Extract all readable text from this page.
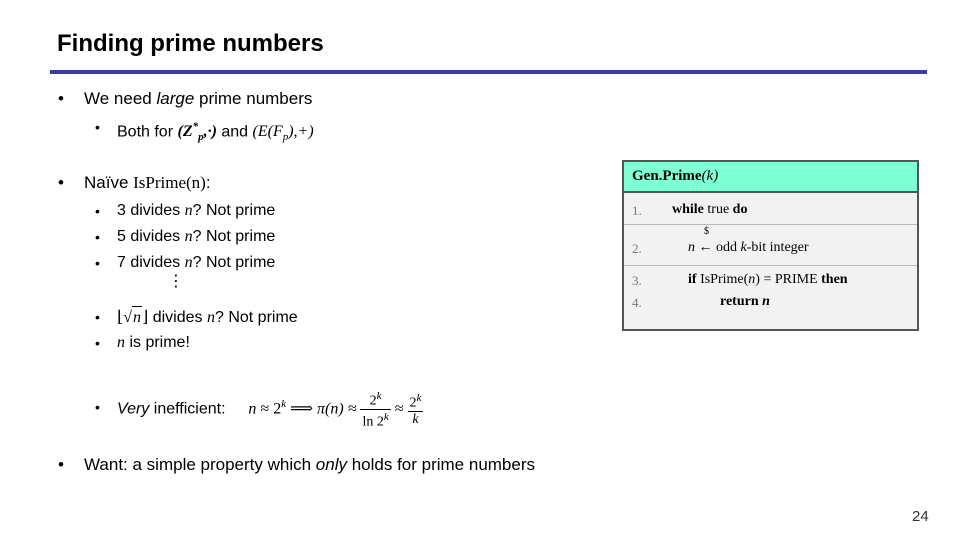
Finding prime numbers
• We need large prime numbers
• Both for $(Z^*_p,\cdot)$ and $(E(F_p),+)$
• Naïve IsPrime(n):
• 3 divides n? Not prime
• 5 divides n? Not prime
• 7 divides n? Not prime
⋮
• ⌊√n⌋ divides n? Not prime
• n is prime!
• Very inefficient: $n \approx 2^k$ ⟹ $\pi(n) \approx \frac{2^k}{\ln 2^k} \approx \frac{2^k}{k}$
• Want: a simple property which only holds for prime numbers
Gen.Prime(k)
1. while true do
2.
$
n ← odd k-bit integer
3.	if IsPrime(n) = PRIME then
4.	return n
24
